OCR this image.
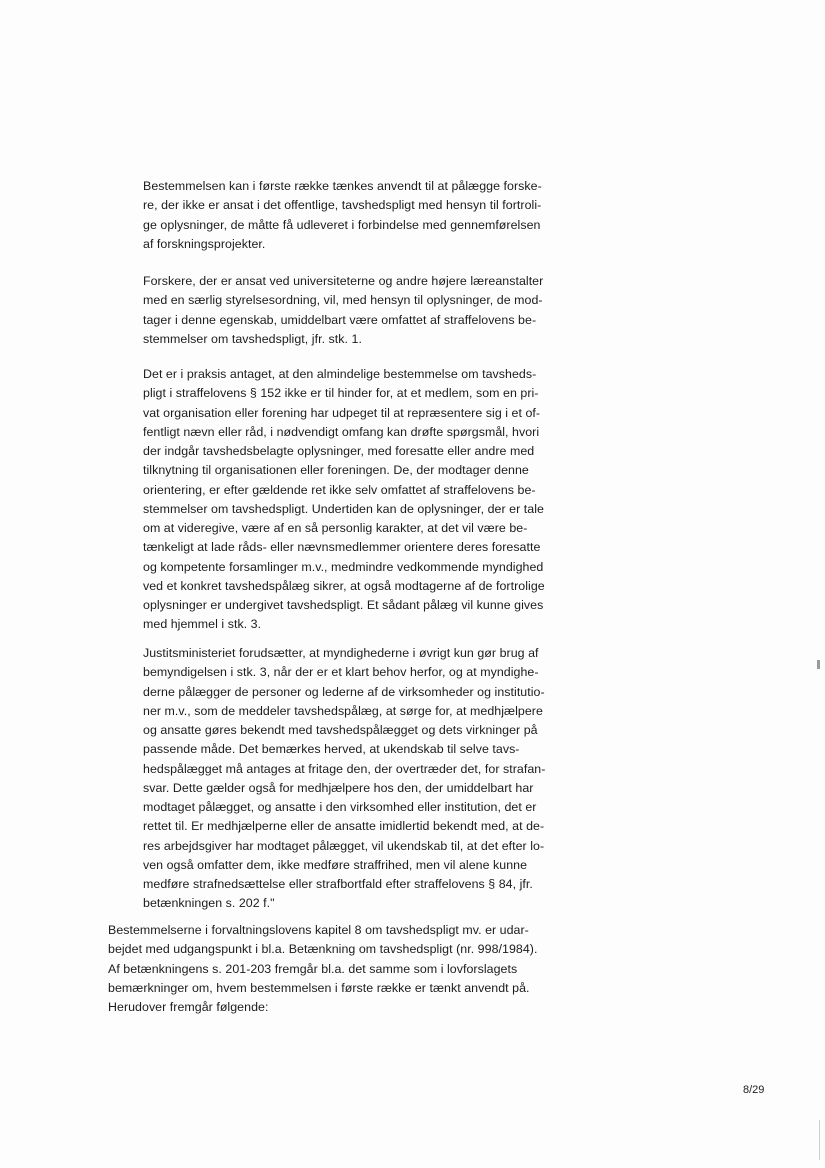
Bestemmelsen kan i første række tænkes anvendt til at pålægge forske-
re, der ikke er ansat i det offentlige, tavshedspligt med hensyn til fortroli-
ge oplysninger, de måtte få udleveret i forbindelse med gennemførelsen
af forskningsprojekter.
Forskere, der er ansat ved universiteterne og andre højere læreanstalter
med en særlig styrelsesordning, vil, med hensyn til oplysninger, de mod-
tager i denne egenskab, umiddelbart være omfattet af straffelovens be-
stemmelser om tavshedspligt, jfr. stk. 1.
Det er i praksis antaget, at den almindelige bestemmelse om tavsheds-
pligt i straffelovens § 152 ikke er til hinder for, at et medlem, som en pri-
vat organisation eller forening har udpeget til at repræsentere sig i et of-
fentligt nævn eller råd, i nødvendigt omfang kan drøfte spørgsmål, hvori
der indgår tavshedsbelagte oplysninger, med foresatte eller andre med
tilknytning til organisationen eller foreningen. De, der modtager denne
orientering, er efter gældende ret ikke selv omfattet af straffelovens be-
stemmelser om tavshedspligt. Undertiden kan de oplysninger, der er tale
om at videregive, være af en så personlig karakter, at det vil være be-
tænkeligt at lade råds- eller nævnsmedlemmer orientere deres foresatte
og kompetente forsamlinger m.v., medmindre vedkommende myndighed
ved et konkret tavshedspålæg sikrer, at også modtagerne af de fortrolige
oplysninger er undergivet tavshedspligt. Et sådant pålæg vil kunne gives
med hjemmel i stk. 3.
Justitsministeriet forudsætter, at myndighederne i øvrigt kun gør brug af
bemyndigelsen i stk. 3, når der er et klart behov herfor, og at myndighe-
derne pålægger de personer og lederne af de virksomheder og institutio-
ner m.v., som de meddeler tavshedspålæg, at sørge for, at medhjælpere
og ansatte gøres bekendt med tavshedspålægget og dets virkninger på
passende måde. Det bemærkes herved, at ukendskab til selve tavs-
hedspålægget må antages at fritage den, der overtræder det, for strafan-
svar. Dette gælder også for medhjælpere hos den, der umiddelbart har
modtaget pålægget, og ansatte i den virksomhed eller institution, det er
rettet til. Er medhjælperne eller de ansatte imidlertid bekendt med, at de-
res arbejdsgiver har modtaget pålægget, vil ukendskab til, at det efter lo-
ven også omfatter dem, ikke medføre straffrihed, men vil alene kunne
medføre strafnedsættelse eller strafbortfald efter straffelovens § 84, jfr.
betænkningen s. 202 f."
Bestemmelserne i forvaltningslovens kapitel 8 om tavshedspligt mv. er udar-
bejdet med udgangspunkt i bl.a. Betænkning om tavshedspligt (nr. 998/1984).
Af betænkningens s. 201-203 fremgår bl.a. det samme som i lovforslagets
bemærkninger om, hvem bestemmelsen i første række er tænkt anvendt på.
Herudover fremgår følgende:
8/29
